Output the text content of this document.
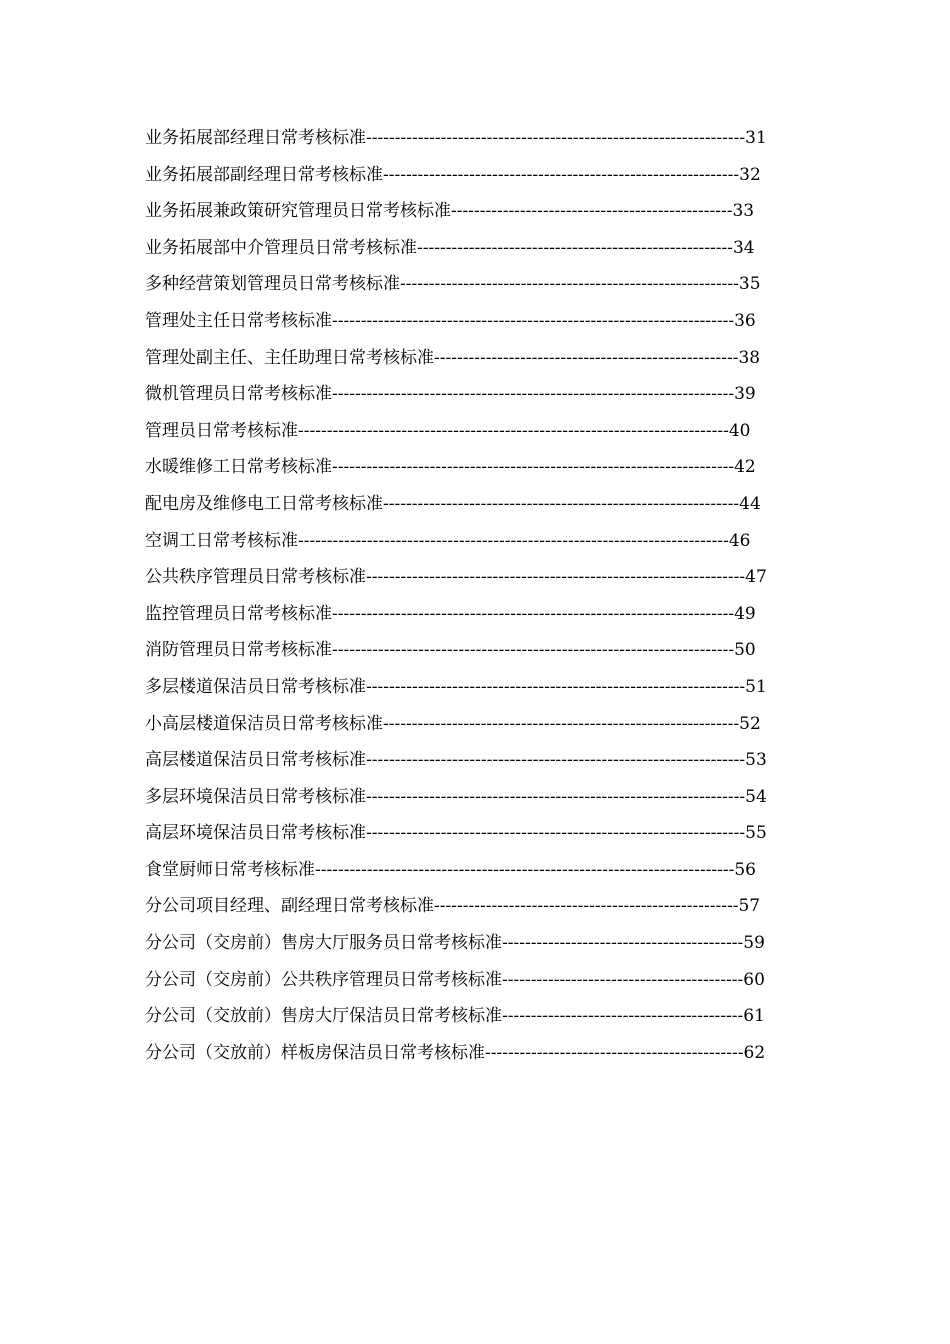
业务拓展部经理日常考核标准------------------------------------------------------------------31
业务拓展部副经理日常考核标准--------------------------------------------------------------32
业务拓展兼政策研究管理员日常考核标准-------------------------------------------------33
业务拓展部中介管理员日常考核标准-------------------------------------------------------34
多种经营策划管理员日常考核标准-----------------------------------------------------------35
管理处主任日常考核标准----------------------------------------------------------------------36
管理处副主任、主任助理日常考核标准-----------------------------------------------------38
微机管理员日常考核标准----------------------------------------------------------------------39
管理员日常考核标准---------------------------------------------------------------------------40
水暖维修工日常考核标准----------------------------------------------------------------------42
配电房及维修电工日常考核标准--------------------------------------------------------------44
空调工日常考核标准---------------------------------------------------------------------------46
公共秩序管理员日常考核标准------------------------------------------------------------------47
监控管理员日常考核标准----------------------------------------------------------------------49
消防管理员日常考核标准----------------------------------------------------------------------50
多层楼道保洁员日常考核标准------------------------------------------------------------------51
小高层楼道保洁员日常考核标准--------------------------------------------------------------52
高层楼道保洁员日常考核标准------------------------------------------------------------------53
多层环境保洁员日常考核标准------------------------------------------------------------------54
高层环境保洁员日常考核标准------------------------------------------------------------------55
食堂厨师日常考核标准-------------------------------------------------------------------------56
分公司项目经理、副经理日常考核标准-----------------------------------------------------57
分公司（交房前）售房大厅服务员日常考核标准------------------------------------------59
分公司（交房前）公共秩序管理员日常考核标准------------------------------------------60
分公司（交放前）售房大厅保洁员日常考核标准------------------------------------------61
分公司（交放前）样板房保洁员日常考核标准---------------------------------------------62
